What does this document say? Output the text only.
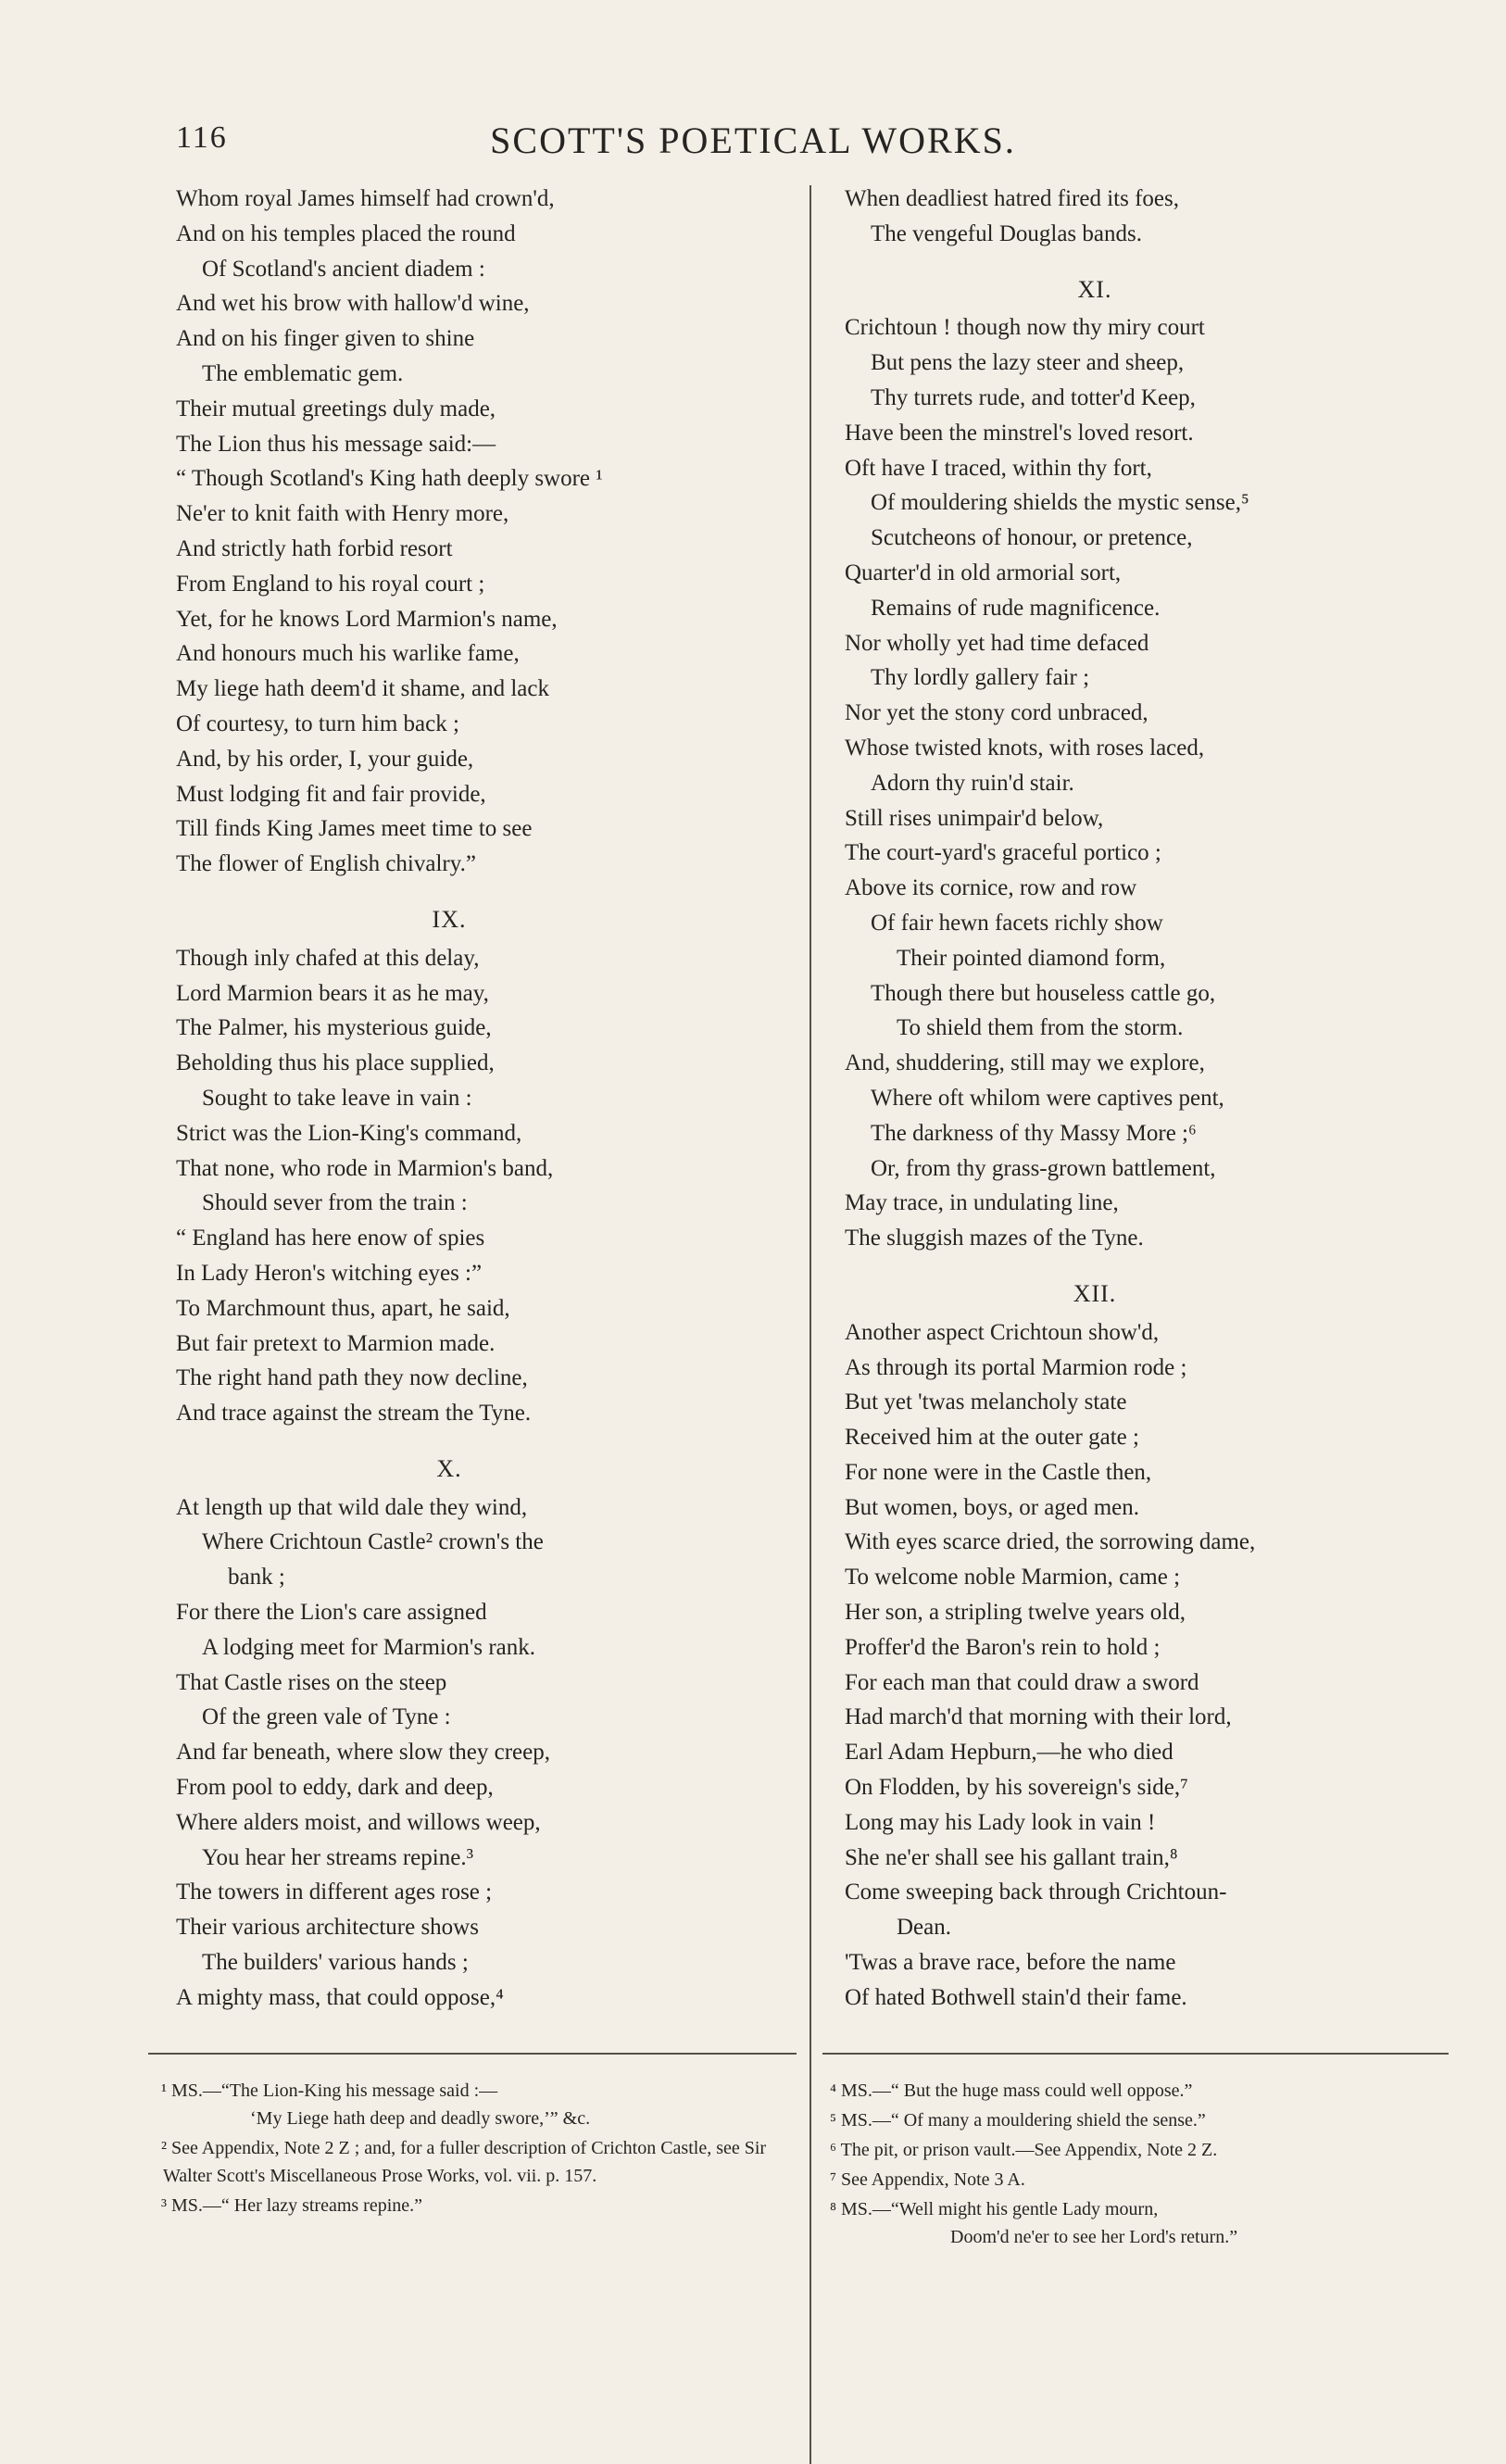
116	SCOTT'S POETICAL WORKS.
Whom royal James himself had crown'd,
And on his temples placed the round
Of Scotland's ancient diadem :
And wet his brow with hallow'd wine,
And on his finger given to shine
The emblematic gem.
Their mutual greetings duly made,
The Lion thus his message said:—
“ Though Scotland's King hath deeply swore ¹
Ne'er to knit faith with Henry more,
And strictly hath forbid resort
From England to his royal court ;
Yet, for he knows Lord Marmion's name,
And honours much his warlike fame,
My liege hath deem'd it shame, and lack
Of courtesy, to turn him back ;
And, by his order, I, your guide,
Must lodging fit and fair provide,
Till finds King James meet time to see
The flower of English chivalry.”
IX.
Though inly chafed at this delay,
Lord Marmion bears it as he may,
The Palmer, his mysterious guide,
Beholding thus his place supplied,
Sought to take leave in vain :
Strict was the Lion-King's command,
That none, who rode in Marmion's band,
Should sever from the train :
“ England has here enow of spies
In Lady Heron's witching eyes :”
To Marchmount thus, apart, he said,
But fair pretext to Marmion made.
The right hand path they now decline,
And trace against the stream the Tyne.
X.
At length up that wild dale they wind,
Where Crichtoun Castle² crown's the
bank ;
For there the Lion's care assigned
A lodging meet for Marmion's rank.
That Castle rises on the steep
Of the green vale of Tyne :
And far beneath, where slow they creep,
From pool to eddy, dark and deep,
Where alders moist, and willows weep,
You hear her streams repine.³
The towers in different ages rose ;
Their various architecture shows
The builders' various hands ;
A mighty mass, that could oppose,⁴
When deadliest hatred fired its foes,
The vengeful Douglas bands.
XI.
Crichtoun ! though now thy miry court
But pens the lazy steer and sheep,
Thy turrets rude, and totter'd Keep,
Have been the minstrel's loved resort.
Oft have I traced, within thy fort,
Of mouldering shields the mystic sense,⁵
Scutcheons of honour, or pretence,
Quarter'd in old armorial sort,
Remains of rude magnificence.
Nor wholly yet had time defaced
Thy lordly gallery fair ;
Nor yet the stony cord unbraced,
Whose twisted knots, with roses laced,
Adorn thy ruin'd stair.
Still rises unimpair'd below,
The court-yard's graceful portico ;
Above its cornice, row and row
Of fair hewn facets richly show
Their pointed diamond form,
Though there but houseless cattle go,
To shield them from the storm.
And, shuddering, still may we explore,
Where oft whilom were captives pent,
The darkness of thy Massy More ;⁶
Or, from thy grass-grown battlement,
May trace, in undulating line,
The sluggish mazes of the Tyne.
XII.
Another aspect Crichtoun show'd,
As through its portal Marmion rode ;
But yet 'twas melancholy state
Received him at the outer gate ;
For none were in the Castle then,
But women, boys, or aged men.
With eyes scarce dried, the sorrowing dame,
To welcome noble Marmion, came ;
Her son, a stripling twelve years old,
Proffer'd the Baron's rein to hold ;
For each man that could draw a sword
Had march'd that morning with their lord,
Earl Adam Hepburn,—he who died
On Flodden, by his sovereign's side,⁷
Long may his Lady look in vain !
She ne'er shall see his gallant train,⁸
Come sweeping back through Crichtoun-
Dean.
'Twas a brave race, before the name
Of hated Bothwell stain'd their fame.
¹ MS.—“The Lion-King his message said :—
‘My Liege hath deep and deadly swore,’” &c.
² See Appendix, Note 2 Z ; and, for a fuller description of Crichton Castle, see Sir Walter Scott's Miscellaneous Prose Works, vol. vii. p. 157.
³ MS.—“ Her lazy streams repine.”
⁴ MS.—“ But the huge mass could well oppose.”
⁵ MS.—“ Of many a mouldering shield the sense.”
⁶ The pit, or prison vault.—See Appendix, Note 2 Z.
⁷ See Appendix, Note 3 A.
⁸ MS.—“Well might his gentle Lady mourn,
Doom'd ne'er to see her Lord's return.”
